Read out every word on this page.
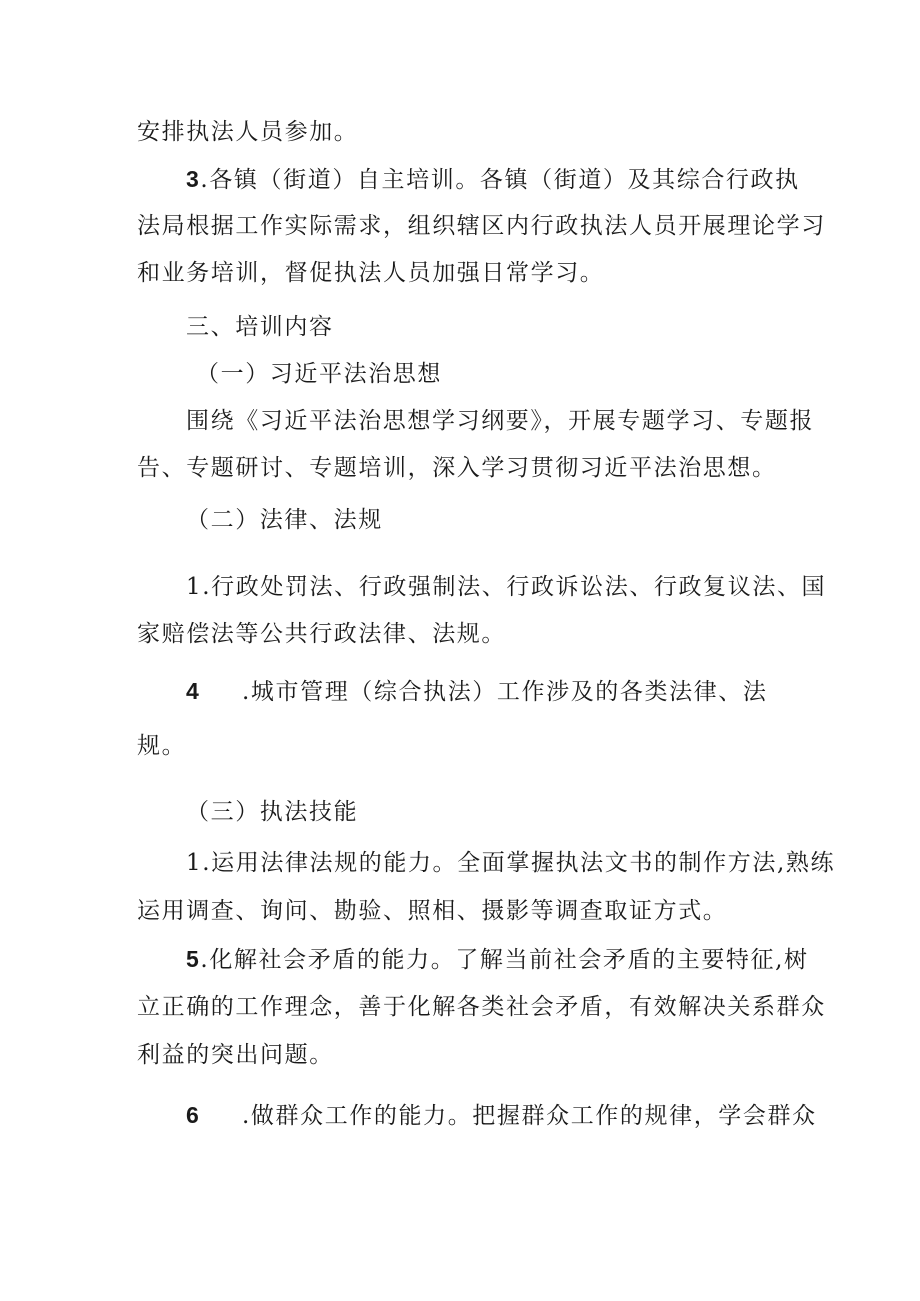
安排执法人员参加。
3.各镇（街道）自主培训。各镇（街道）及其综合行政执
法局根据工作实际需求，组织辖区内行政执法人员开展理论学习
和业务培训，督促执法人员加强日常学习。
三、培训内容
（一）习近平法治思想
围绕《习近平法治思想学习纲要》，开展专题学习、专题报
告、专题研讨、专题培训，深入学习贯彻习近平法治思想。
（二）法律、法规
1.行政处罚法、行政强制法、行政诉讼法、行政复议法、国
家赔偿法等公共行政法律、法规。
4 .城市管理（综合执法）工作涉及的各类法律、法
规。
（三）执法技能
1.运用法律法规的能力。全面掌握执法文书的制作方法,熟练
运用调查、询问、勘验、照相、摄影等调查取证方式。
5.化解社会矛盾的能力。了解当前社会矛盾的主要特征,树
立正确的工作理念，善于化解各类社会矛盾，有效解决关系群众
利益的突出问题。
6 .做群众工作的能力。把握群众工作的规律，学会群众
